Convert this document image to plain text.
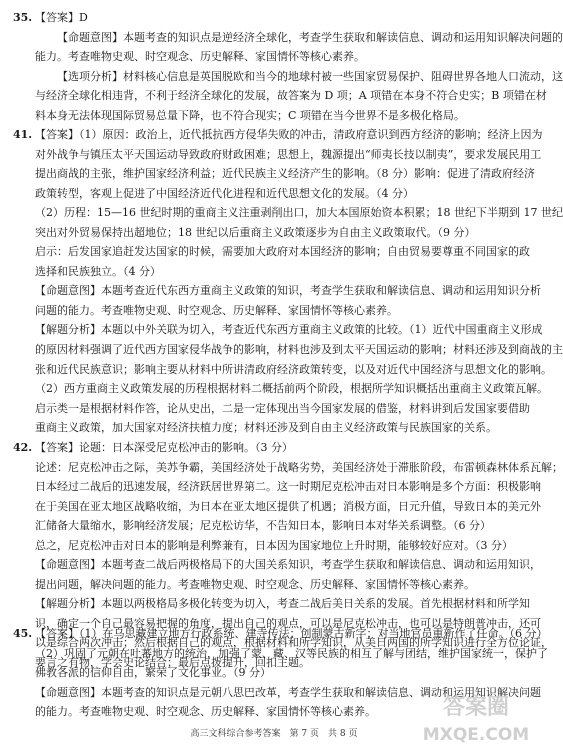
35. 【答案】D
【命题意图】本题考查的知识点是逆经济全球化，考查学生获取和解读信息、调动和运用知识解决问题的
能力。考查唯物史观、时空观念、历史解释、家国情怀等核心素养。
【选项分析】材料核心信息是英国脱欧和当今的地球村被一些国家贸易保护、阻碍世界各地人口流动，这
与经济全球化相违背，不利于经济全球化的发展，故答案为 D 项；A 项错在本身不符合史实；B 项错在材
料本身无法体现国际贸易总量下降，也不符合现实；C 项错在当今世界不是多极化格局。
41. 【答案】（1）原因：政治上，近代抵抗西方侵华失败的冲击，清政府意识到西方经济的影响；经济上因为
对外战争与镇压太平天国运动导致政府财政困难；思想上，魏源提出“师夷长技以制夷”，要求发展民用工
提出商战的主张，维护国家经济利益；近代民族主义经济产生的影响。（8 分）影响：促进了清政府经济
政策转型，客观上促进了中国经济近代化进程和近代思想文化的发展。（4 分）
（2）历程：15—16 世纪时期的重商主义注重剥削出口，加大本国原始资本积累；18 世纪下半期到 17 世纪
突出对外贸易保持出超地位；18 世纪以后重商主义政策逐步为自由主义政策取代。（9 分）
启示：后发国家追赶发达国家的时候，需要加大政府对本国经济的影响；自由贸易要尊重不同国家的政
选择和民族独立。（4 分）
【命题意图】本题考查近代东西方重商主义政策的知识，考查学生获取和解读信息、调动和运用知识分析
问题的能力。考查唯物史观、时空观念、历史解释、家国情怀等核心素养。
【解题分析】本题以中外关联为切入，考查近代东西方重商主义政策的比较。（1）近代中国重商主义形成
的原因材料强调了近代西方国家侵华战争的影响，材料也涉及到太平天国运动的影响；材料还涉及到商战的主
张和近代民族意识；影响主要从材料中所讲清政府经济政策转变，以及对近代中国经济与思想文化的影响。
（2）西方重商主义政策发展的历程根据材料二概括前两个阶段，根据所学知识概括出重商主义政策瓦解。
启示类一是根据材料作答，论从史出，二是一定体现出当今国家发展的借鉴，材料讲到后发国家要借助
重商主义政策，加大国家对经济扶植力度；材料还涉及到自由主义经济政策与民族国家的关系。
42. 【答案】论题：日本深受尼克松冲击的影响。（3 分）
论述：尼克松冲击之际，美苏争霸，美国经济处于战略劣势，美国经济处于滞胀阶段，布雷顿森林体系瓦解；
日本经过二战后的迅速发展，经济跃居世界第二。这一时期尼克松冲击对日本影响是多个方面：积极影响
在于美国在亚太地区战略收缩，为日本在亚太地区提供了机遇；消极方面，日元升值，导致日本的美元外
汇储备大量缩水，影响经济发展；尼克松访华，不告知日本，影响日本对华关系调整。（6 分）
总之，尼克松冲击对日本的影响是利弊兼有，日本因为国家地位上升时期，能够较好应对。（3 分）
【命题意图】本题考查二战后两极格局下的大国关系知识，考查学生获取和解读信息、调动和运用知识，
提出问题，解决问题的能力。考查唯物史观、时空观念、历史解释、家国情怀等核心素养。
【解题分析】本题以两极格局多极化转变为切入，考查二战后美日关系的发展。首先根据材料和所学知
识，确定一个自己最容易把握的角度，提出自己的观点，可以是尼克松冲击，也可以是特朗普冲击，还可
以是综合两次冲击；然后根据自己的观点，根据材料和所学知识，从美日两国的所学知识进行全方位论证，
要言之有物，学会史论结合；最后点拨提升，回扣主题。
45. 【答案】（1）在乌思藏建立地方行政系统、建寺传法；创制蒙古新字；对当地官员重新作了任命。（6 分）
（2）巩固了元朝在吐蕃地方的统治，加强了蒙、藏、汉等民族的相互了解与团结，维护国家统一，保护了
佛教各派的信仰自由，繁荣了文化事业。（9 分）
【命题意图】本题考查的知识点是元朝八思巴改革，考查学生获取和解读信息、调动和运用知识解决问题
的能力。考查唯物史观、时空观念、历史解释、家国情怀等核心素养。	答案圈
MXQE.COM
高三文科综合参考答案　第 7 页　共 8 页
